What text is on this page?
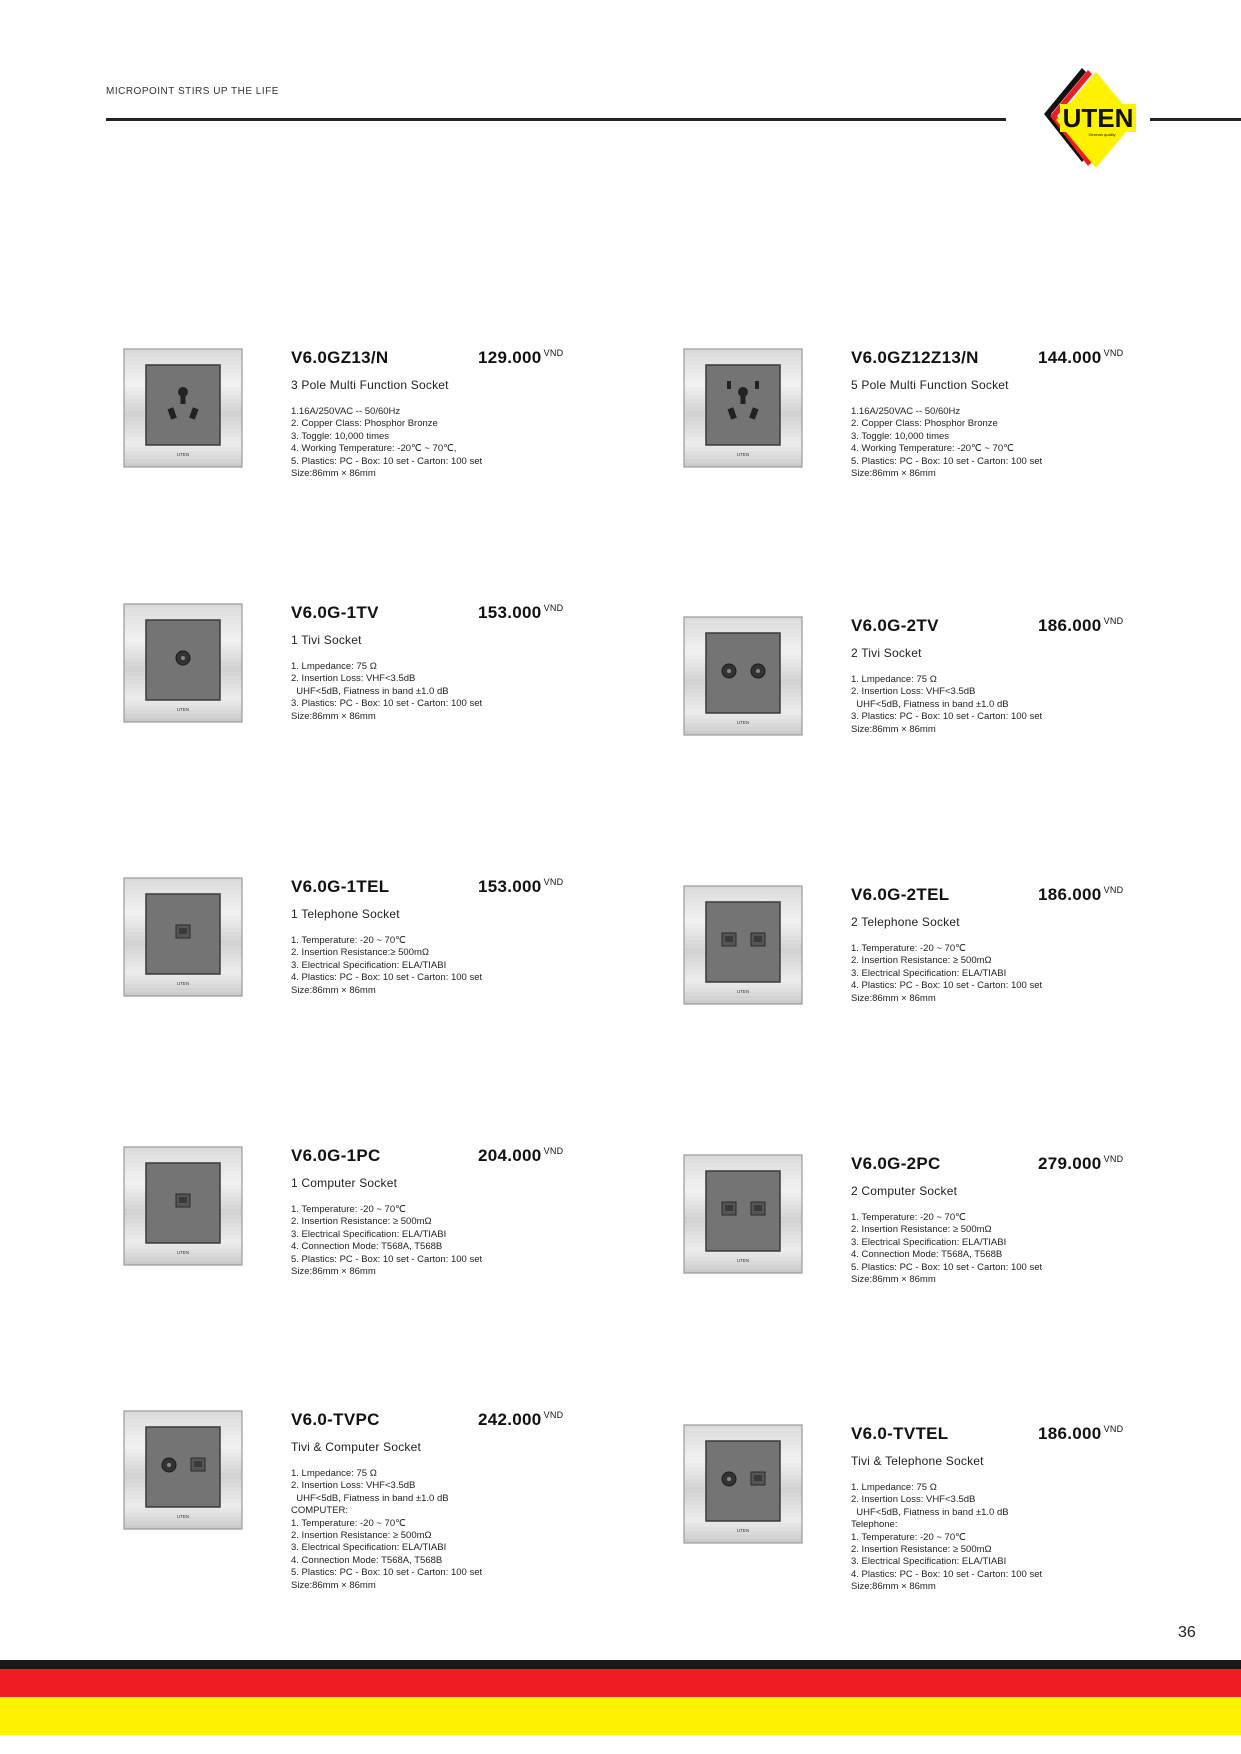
MICROPOINT STIRS UP THE LIFE
UTEN
German quality
UTEN
V6.0GZ13/N	129.000 $^{VND}$
3 Pole Multi Function Socket
1.16A/250VAC -- 50/60Hz
2. Copper Class: Phosphor Bronze
3. Toggle: 10,000 times
4. Working Temperature: -20℃ ~ 70℃,
5. Plastics: PC - Box: 10 set - Carton: 100 set
Size:86mm × 86mm
UTEN
V6.0GZ12Z13/N	144.000 $^{VND}$
5 Pole Multi Function Socket
1.16A/250VAC -- 50/60Hz
2. Copper Class: Phosphor Bronze
3. Toggle: 10,000 times
4. Working Temperature: -20℃ ~ 70℃
5. Plastics: PC - Box: 10 set - Carton: 100 set
Size:86mm × 86mm
UTEN
V6.0G-1TV	153.000 $^{VND}$
1 Tivi Socket
1. Lmpedance: 75 Ω
2. Insertion Loss: VHF<3.5dB
UHF<5dB, Fiatness in band ±1.0 dB
3. Plastics: PC - Box: 10 set - Carton: 100 set
Size:86mm × 86mm
UTEN
V6.0G-2TV	186.000 $^{VND}$
2 Tivi Socket
1. Lmpedance: 75 Ω
2. Insertion Loss: VHF<3.5dB
UHF<5dB, Fiatness in band ±1.0 dB
3. Plastics: PC - Box: 10 set - Carton: 100 set
Size:86mm × 86mm
UTEN
V6.0G-1TEL	153.000 $^{VND}$
1 Telephone Socket
1. Temperature: -20 ~ 70℃
2. Insertion Resistance:≥ 500mΩ
3. Electrical Specification: ELA/TIABI
4. Plastics: PC - Box: 10 set - Carton: 100 set
Size:86mm × 86mm	UTEN
V6.0G-2TEL	186.000 $^{VND}$
2 Telephone Socket
1. Temperature: -20 ~ 70℃
2. Insertion Resistance: ≥ 500mΩ
3. Electrical Specification: ELA/TIABI
4. Plastics: PC - Box: 10 set - Carton: 100 set
Size:86mm × 86mm
UTEN
V6.0G-1PC	204.000 $^{VND}$
1 Computer Socket
1. Temperature: -20 ~ 70℃
2. Insertion Resistance: ≥ 500mΩ
3. Electrical Specification: ELA/TIABI
4. Connection Mode: T568A, T568B
5. Plastics: PC - Box: 10 set - Carton: 100 set
Size:86mm × 86mm
UTEN
V6.0G-2PC	279.000 $^{VND}$
2 Computer Socket
1. Temperature: -20 ~ 70℃
2. Insertion Resistance: ≥ 500mΩ
3. Electrical Specification: ELA/TIABI
4. Connection Mode: T568A, T568B
5. Plastics: PC - Box: 10 set - Carton: 100 set
Size:86mm × 86mm
UTEN
V6.0-TVPC	242.000 $^{VND}$
Tivi & Computer Socket
1. Lmpedance: 75 Ω
2. Insertion Loss: VHF<3.5dB
UHF<5dB, Fiatness in band ±1.0 dB
COMPUTER:
1. Temperature: -20 ~ 70℃
2. Insertion Resistance: ≥ 500mΩ
3. Electrical Specification: ELA/TIABI
4. Connection Mode: T568A, T568B
5. Plastics: PC - Box: 10 set - Carton: 100 set
Size:86mm × 86mm
UTEN
V6.0-TVTEL	186.000 $^{VND}$
Tivi & Telephone Socket
1. Lmpedance: 75 Ω
2. Insertion Loss: VHF<3.5dB
UHF<5dB, Fiatness in band ±1.0 dB
Telephone:
1. Temperature: -20 ~ 70℃
2. Insertion Resistance: ≥ 500mΩ
3. Electrical Specification: ELA/TIABI
4. Plastics: PC - Box: 10 set - Carton: 100 set
Size:86mm × 86mm
36
